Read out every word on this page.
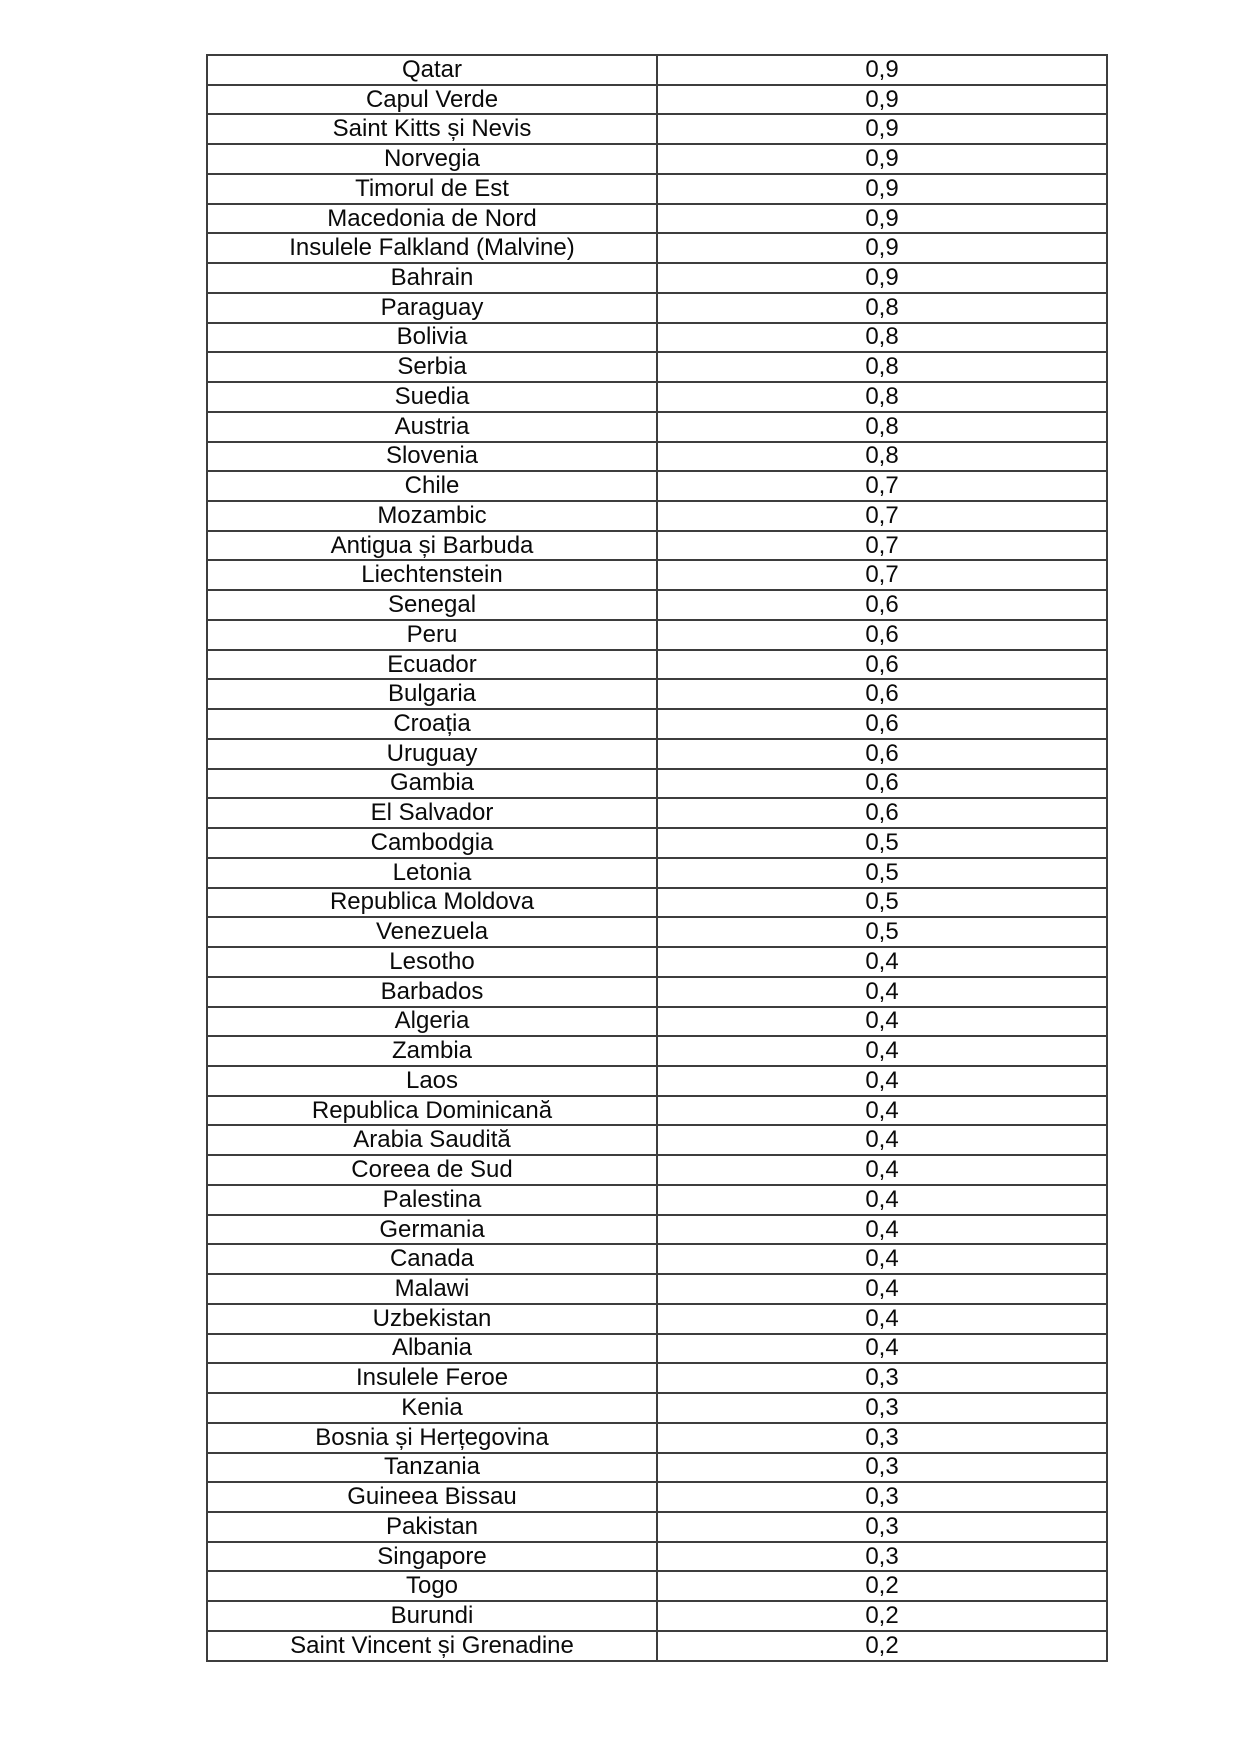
Qatar	0,9
Capul Verde	0,9
Saint Kitts și Nevis	0,9
Norvegia	0,9
Timorul de Est	0,9
Macedonia de Nord	0,9
Insulele Falkland (Malvine)	0,9
Bahrain	0,9
Paraguay	0,8
Bolivia	0,8
Serbia	0,8
Suedia	0,8
Austria	0,8
Slovenia	0,8
Chile	0,7
Mozambic	0,7
Antigua și Barbuda	0,7
Liechtenstein	0,7
Senegal	0,6
Peru	0,6
Ecuador	0,6
Bulgaria	0,6
Croația	0,6
Uruguay	0,6
Gambia	0,6
El Salvador	0,6
Cambodgia	0,5
Letonia	0,5
Republica Moldova	0,5
Venezuela	0,5
Lesotho	0,4
Barbados	0,4
Algeria	0,4
Zambia	0,4
Laos	0,4
Republica Dominicană	0,4
Arabia Saudită	0,4
Coreea de Sud	0,4
Palestina	0,4
Germania	0,4
Canada	0,4
Malawi	0,4
Uzbekistan	0,4
Albania	0,4
Insulele Feroe	0,3
Kenia	0,3
Bosnia și Herțegovina	0,3
Tanzania	0,3
Guineea Bissau	0,3
Pakistan	0,3
Singapore	0,3
Togo	0,2
Burundi	0,2
Saint Vincent și Grenadine	0,2
